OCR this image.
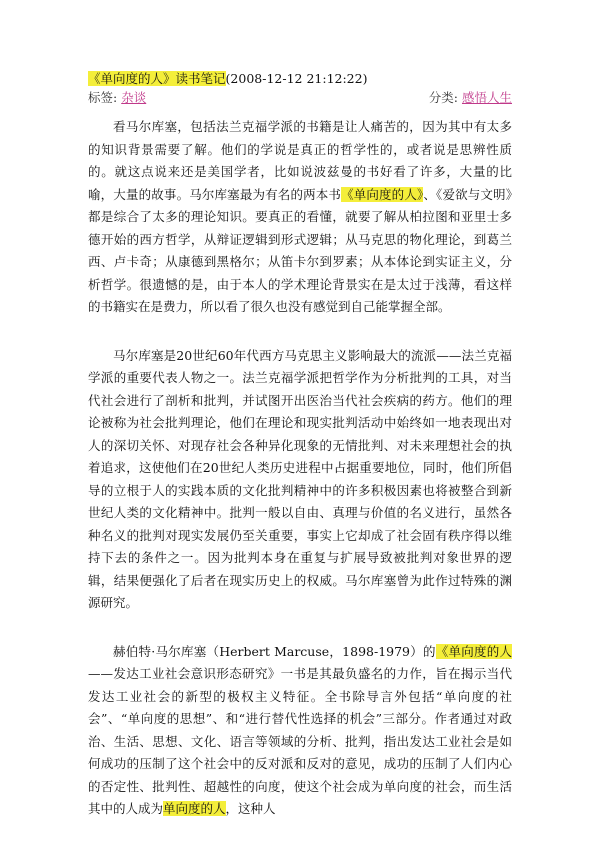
《单向度的人》读书笔记(2008-12-12 21:12:22)
标签: 杂谈	分类: 感悟人生

看马尔库塞，包括法兰克福学派的书籍是让人痛苦的，因为其中有太多的知识背景需要了解。他们的学说是真正的哲学性的，或者说是思辨性质的。就这点说来还是美国学者，比如说波兹曼的书好看了许多，大量的比喻，大量的故事。马尔库塞最为有名的两本书《单向度的人》、《爱欲与文明》都是综合了太多的理论知识。要真正的看懂，就要了解从柏拉图和亚里士多德开始的西方哲学，从辩证逻辑到形式逻辑；从马克思的物化理论，到葛兰西、卢卡奇；从康德到黑格尔；从笛卡尔到罗素；从本体论到实证主义，分析哲学。很遗憾的是，由于本人的学术理论背景实在是太过于浅薄，看这样的书籍实在是费力，所以看了很久也没有感觉到自己能掌握全部。

马尔库塞是20世纪60年代西方马克思主义影响最大的流派——法兰克福学派的重要代表人物之一。法兰克福学派把哲学作为分析批判的工具，对当代社会进行了剖析和批判，并试图开出医治当代社会疾病的药方。他们的理论被称为社会批判理论，他们在理论和现实批判活动中始终如一地表现出对人的深切关怀、对现存社会各种异化现象的无情批判、对未来理想社会的执着追求，这使他们在20世纪人类历史进程中占据重要地位，同时，他们所倡导的立根于人的实践本质的文化批判精神中的许多积极因素也将被整合到新世纪人类的文化精神中。批判一般以自由、真理与价值的名义进行，虽然各种名义的批判对现实发展仍至关重要，事实上它却成了社会固有秩序得以维持下去的条件之一。因为批判本身在重复与扩展导致被批判对象世界的逻辑，结果便强化了后者在现实历史上的权威。马尔库塞曾为此作过特殊的渊源研究。

赫伯特·马尔库塞（Herbert Marcuse，1898-1979）的《单向度的人——发达工业社会意识形态研究》一书是其最负盛名的力作，旨在揭示当代发达工业社会的新型的极权主义特征。全书除导言外包括“单向度的社会”、“单向度的思想”、和“进行替代性选择的机会”三部分。作者通过对政治、生活、思想、文化、语言等领域的分析、批判，指出发达工业社会是如何成功的压制了这个社会中的反对派和反对的意见，成功的压制了人们内心的否定性、批判性、超越性的向度，使这个社会成为单向度的社会，而生活其中的人成为单向度的人，这种人
